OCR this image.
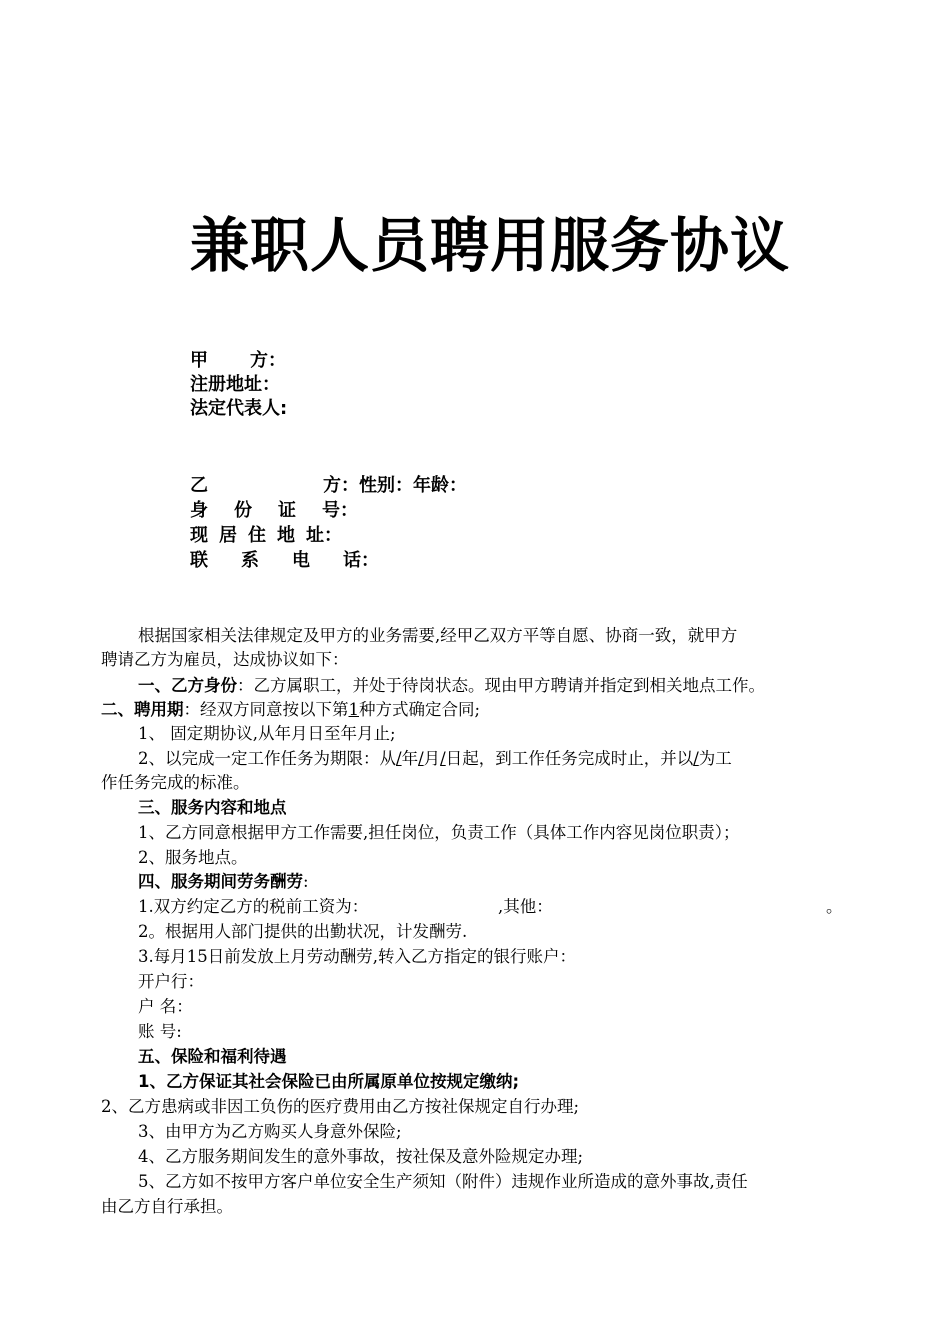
兼职人员聘用服务协议
甲 方：
注册地址：
法定代表人:
乙	方：性别：年龄：
身 份 证 号：
现 居 住 地 址：
联 系 电 话：
根据国家相关法律规定及甲方的业务需要,经甲乙双方平等自愿、协商一致，就甲方
聘请乙方为雇员，达成协议如下：
一、乙方身份：乙方属职工，并处于待岗状态。现由甲方聘请并指定到相关地点工作。
二、聘用期：经双方同意按以下第1种方式确定合同;
1、 固定期协议,从年月日至年月止;
2、以完成一定工作任务为期限：从/年/月/日起，到工作任务完成时止，并以/为工
作任务完成的标准。
三、服务内容和地点
1、乙方同意根据甲方工作需要,担任岗位，负责工作（具体工作内容见岗位职责）；
2、服务地点。
四、服务期间劳务酬劳:
1.双方约定乙方的税前工资为：	,其他：	。
2。根据用人部门提供的出勤状况，计发酬劳.
3.每月15日前发放上月劳动酬劳,转入乙方指定的银行账户：
开户行：
户 名：
账 号:
五、保险和福利待遇
1、乙方保证其社会保险已由所属原单位按规定缴纳;
2、乙方患病或非因工负伤的医疗费用由乙方按社保规定自行办理;
3、由甲方为乙方购买人身意外保险;
4、乙方服务期间发生的意外事故，按社保及意外险规定办理;
5、乙方如不按甲方客户单位安全生产须知（附件）违规作业所造成的意外事故,责任
由乙方自行承担。
